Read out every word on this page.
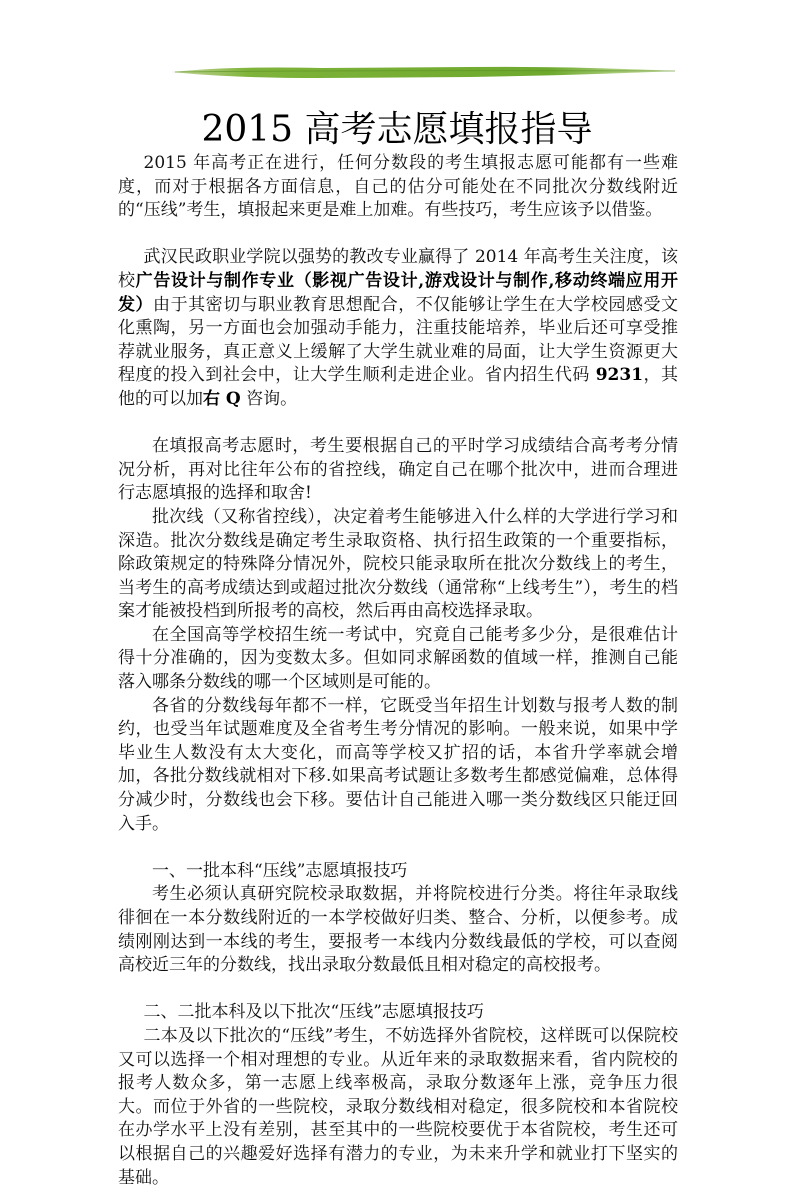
2015 高考志愿填报指导

2015 年高考正在进行，任何分数段的考生填报志愿可能都有一些难度，而对于根据各方面信息，自己的估分可能处在不同批次分数线附近的“压线”考生，填报起来更是难上加难。有些技巧，考生应该予以借鉴。

武汉民政职业学院以强势的教改专业赢得了 2014 年高考生关注度，该校广告设计与制作专业（影视广告设计,游戏设计与制作,移动终端应用开发）由于其密切与职业教育思想配合，不仅能够让学生在大学校园感受文化熏陶，另一方面也会加强动手能力，注重技能培养，毕业后还可享受推荐就业服务，真正意义上缓解了大学生就业难的局面，让大学生资源更大程度的投入到社会中，让大学生顺利走进企业。省内招生代码 9231，其他的可以加右 Q 咨询。

在填报高考志愿时，考生要根据自己的平时学习成绩结合高考考分情况分析，再对比往年公布的省控线，确定自己在哪个批次中，进而合理进行志愿填报的选择和取舍!

批次线（又称省控线），决定着考生能够进入什么样的大学进行学习和深造。批次分数线是确定考生录取资格、执行招生政策的一个重要指标，除政策规定的特殊降分情况外，院校只能录取所在批次分数线上的考生，当考生的高考成绩达到或超过批次分数线（通常称“上线考生”），考生的档案才能被投档到所报考的高校，然后再由高校选择录取。

在全国高等学校招生统一考试中，究竟自己能考多少分，是很难估计得十分准确的，因为变数太多。但如同求解函数的值域一样，推测自己能落入哪条分数线的哪一个区域则是可能的。

各省的分数线每年都不一样，它既受当年招生计划数与报考人数的制约，也受当年试题难度及全省考生考分情况的影响。一般来说，如果中学毕业生人数没有太大变化，而高等学校又扩招的话，本省升学率就会增加，各批分数线就相对下移.如果高考试题让多数考生都感觉偏难，总体得分减少时，分数线也会下移。要估计自己能进入哪一类分数线区只能迂回入手。

一、一批本科“压线”志愿填报技巧

考生必须认真研究院校录取数据，并将院校进行分类。将往年录取线徘徊在一本分数线附近的一本学校做好归类、整合、分析，以便参考。成绩刚刚达到一本线的考生，要报考一本线内分数线最低的学校，可以查阅高校近三年的分数线，找出录取分数最低且相对稳定的高校报考。

二、二批本科及以下批次“压线”志愿填报技巧

二本及以下批次的“压线”考生，不妨选择外省院校，这样既可以保院校又可以选择一个相对理想的专业。从近年来的录取数据来看，省内院校的报考人数众多，第一志愿上线率极高，录取分数逐年上涨，竞争压力很大。而位于外省的一些院校，录取分数线相对稳定，很多院校和本省院校在办学水平上没有差别，甚至其中的一些院校要优于本省院校，考生还可以根据自己的兴趣爱好选择有潜力的专业，为未来升学和就业打下坚实的基础。
